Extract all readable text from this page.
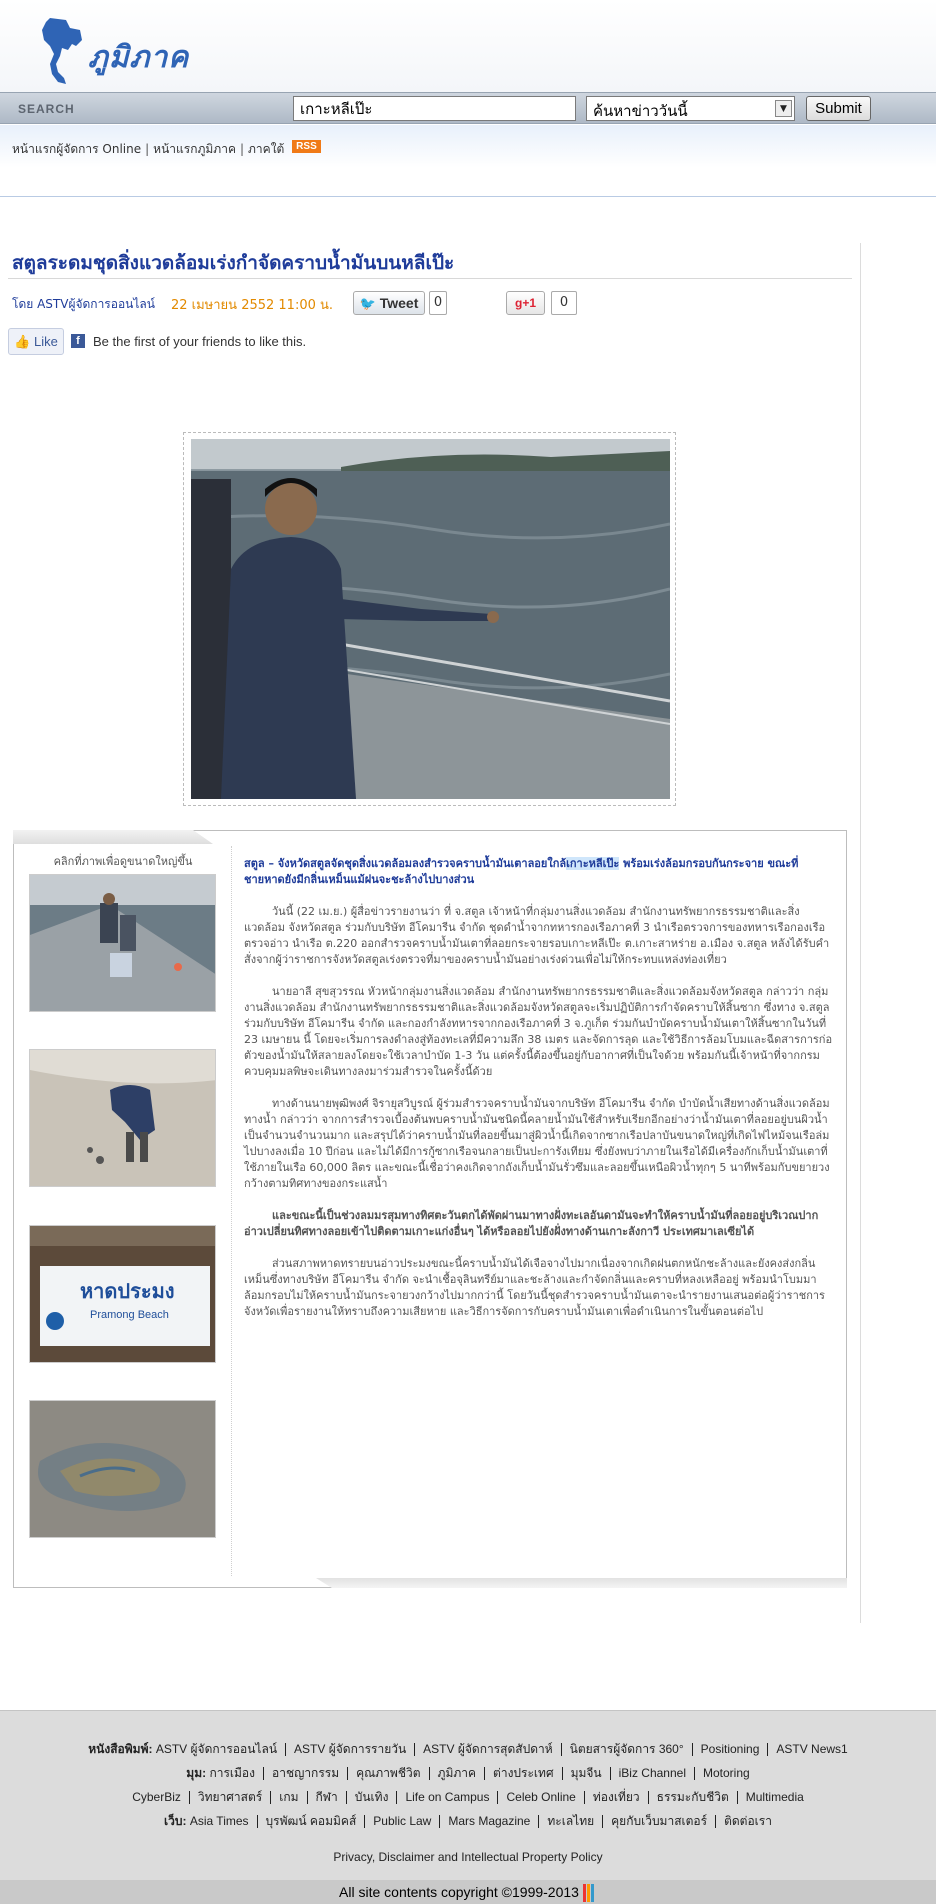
ภูมิภาค
SEARCH
เกาะหลีเป๊ะ	ค้นหาข่าววันนี้	▼	Submit
หน้าแรกผู้จัดการ Online | หน้าแรกภูมิภาค | ภาคใต้ RSS
สตูลระดมชุดสิ่งแวดล้อมเร่งกำจัดคราบน้ำมันบนหลีเป๊ะ
โดย ASTVผู้จัดการออนไลน์ 22 เมษายน 2552 11:00 น.	🐦 Tweet	0	g+1	0
👍 Like	f	Be the first of your friends to like this.
คลิกที่ภาพเพื่อดูขนาดใหญ่ขึ้น
หาดประมง
Pramong Beach

สตูล – จังหวัดสตูลจัดชุดสิ่งแวดล้อมลงสำรวจคราบน้ำมันเตาลอยใกล้เกาะหลีเป๊ะ พร้อมเร่งล้อมกรอบกันกระจาย ขณะที่ชายหาดยังมีกลิ่นเหม็นแม้ฝนจะชะล้างไปบางส่วน

วันนี้ (22 เม.ย.) ผู้สื่อข่าวรายงานว่า ที่ จ.สตูล เจ้าหน้าที่กลุ่มงานสิ่งแวดล้อม สำนักงานทรัพยากรธรรมชาติและสิ่งแวดล้อม จังหวัดสตูล ร่วมกับบริษัท อีโคมารีน จำกัด ชุดดำน้ำจากทหารกองเรือภาคที่ 3 นำเรือตรวจการของทหารเรือกองเรือตรวจอ่าว นำเรือ ต.220 ออกสำรวจคราบน้ำมันเตาที่ลอยกระจายรอบเกาะหลีเป๊ะ ต.เกาะสาหร่าย อ.เมือง จ.สตูล หลังได้รับคำสั่งจากผู้ว่าราชการจังหวัดสตูลเร่งตรวจที่มาของคราบน้ำมันอย่างเร่งด่วนเพื่อไม่ให้กระทบแหล่งท่องเที่ยว

นายอาลี สุขสุวรรณ หัวหน้ากลุ่มงานสิ่งแวดล้อม สำนักงานทรัพยากรธรรมชาติและสิ่งแวดล้อมจังหวัดสตูล กล่าวว่า กลุ่มงานสิ่งแวดล้อม สำนักงานทรัพยากรธรรมชาติและสิ่งแวดล้อมจังหวัดสตูลจะเริ่มปฏิบัติการกำจัดคราบให้สิ้นซาก ซึ่งทาง จ.สตูลร่วมกับบริษัท อีโคมารีน จำกัด และกองกำลังทหารจากกองเรือภาคที่ 3 จ.ภูเก็ต ร่วมกันบำบัดคราบน้ำมันเตาให้สิ้นซากในวันที่ 23 เมษายน นี้ โดยจะเริ่มการลงดำลงสู่ท้องทะเลที่มีความลึก 38 เมตร และจัดการลุด และใช้วิธีการล้อมโบมและฉีดสารการก่อตัวของน้ำมันให้สลายลงโดยจะใช้เวลาบำบัด 1-3 วัน แต่ครั้งนี้ต้องขึ้นอยู่กับอากาศที่เป็นใจด้วย พร้อมกันนี้เจ้าหน้าที่จากกรมควบคุมมลพิษจะเดินทางลงมาร่วมสำรวจในครั้งนี้ด้วย

ทางด้านนายพุฒิพงศ์ จิรายุสวิบูรณ์ ผู้ร่วมสำรวจคราบน้ำมันจากบริษัท อีโคมารีน จำกัด บำบัดน้ำเสียทางด้านสิ่งแวดล้อมทางน้ำ กล่าวว่า จากการสำรวจเบื้องต้นพบคราบน้ำมันชนิดนี้คลายน้ำมันใช้สำหรับเรียกอีกอย่างว่าน้ำมันเตาที่ลอยอยู่บนผิวน้ำเป็นจำนวนจำนวนมาก และสรุปได้ว่าคราบน้ำมันที่ลอยขึ้นมาสู่ผิวน้ำนี้เกิดจากซากเรือปลาบันขนาดใหญ่ที่เกิดไฟไหม้จนเรือล่มไปบางลงเมื่อ 10 ปีก่อน และไม่ได้มีการกู้ซากเรือจนกลายเป็นปะการังเทียม ซึ่งยังพบว่าภายในเรือได้มีเครื่องกักเก็บน้ำมันเตาที่ใช้ภายในเรือ 60,000 ลิตร และขณะนี้เชื่อว่าคงเกิดจากถังเก็บน้ำมันรั่วซึมและลอยขึ้นเหนือผิวน้ำทุกๆ 5 นาทีพร้อมกับขยายวงกว้างตามทิศทางของกระแสน้ำ

และขณะนี้เป็นช่วงลมมรสุมทางทิศตะวันตกได้พัดผ่านมาทางฝั่งทะเลอันดามันจะทำให้คราบน้ำมันที่ลอยอยู่บริเวณปากอ่าวเปลี่ยนทิศทางลอยเข้าไปติดตามเกาะแก่งอื่นๆ ได้หรือลอยไปยังฝั่งทางด้านเกาะลังกาวี ประเทศมาเลเซียได้

ส่วนสภาพหาดทรายบนอ่าวประมงขณะนี้คราบน้ำมันได้เจือจางไปมากเนื่องจากเกิดฝนตกหนักชะล้างและยังคงส่งกลิ่นเหม็นซึ่งทางบริษัท อีโคมารีน จำกัด จะนำเชื้อจุลินทรีย์มาและชะล้างและกำจัดกลิ่นและคราบที่หลงเหลืออยู่ พร้อมนำโบมมาล้อมกรอบไม่ให้คราบน้ำมันกระจายวงกว้างไปมากกว่านี้ โดยวันนี้ชุดสำรวจคราบน้ำมันเตาจะนำรายงานเสนอต่อผู้ว่าราชการจังหวัดเพื่อรายงานให้ทราบถึงความเสียหาย และวิธีการจัดการกับคราบน้ำมันเตาเพื่อดำเนินการในขั้นตอนต่อไป

หนังสือพิมพ์: ASTV ผู้จัดการออนไลน์ ASTV ผู้จัดการรายวัน ASTV ผู้จัดการสุดสัปดาห์ นิตยสารผู้จัดการ 360° Positioning ASTV News1
มุม: การเมือง อาชญากรรม คุณภาพชีวิต ภูมิภาค ต่างประเทศ มุมจีน iBiz Channel Motoring
CyberBiz วิทยาศาสตร์ เกม กีฬา บันเทิง Life on Campus Celeb Online ท่องเที่ยว ธรรมะกับชีวิต Multimedia
เว็บ: Asia Times บุรพัฒน์ คอมมิคส์ Public Law Mars Magazine ทะเลไทย คุยกับเว็บมาสเตอร์ ติดต่อเรา
Privacy, Disclaimer and Intellectual Property Policy
All site contents copyright ©1999-2013
